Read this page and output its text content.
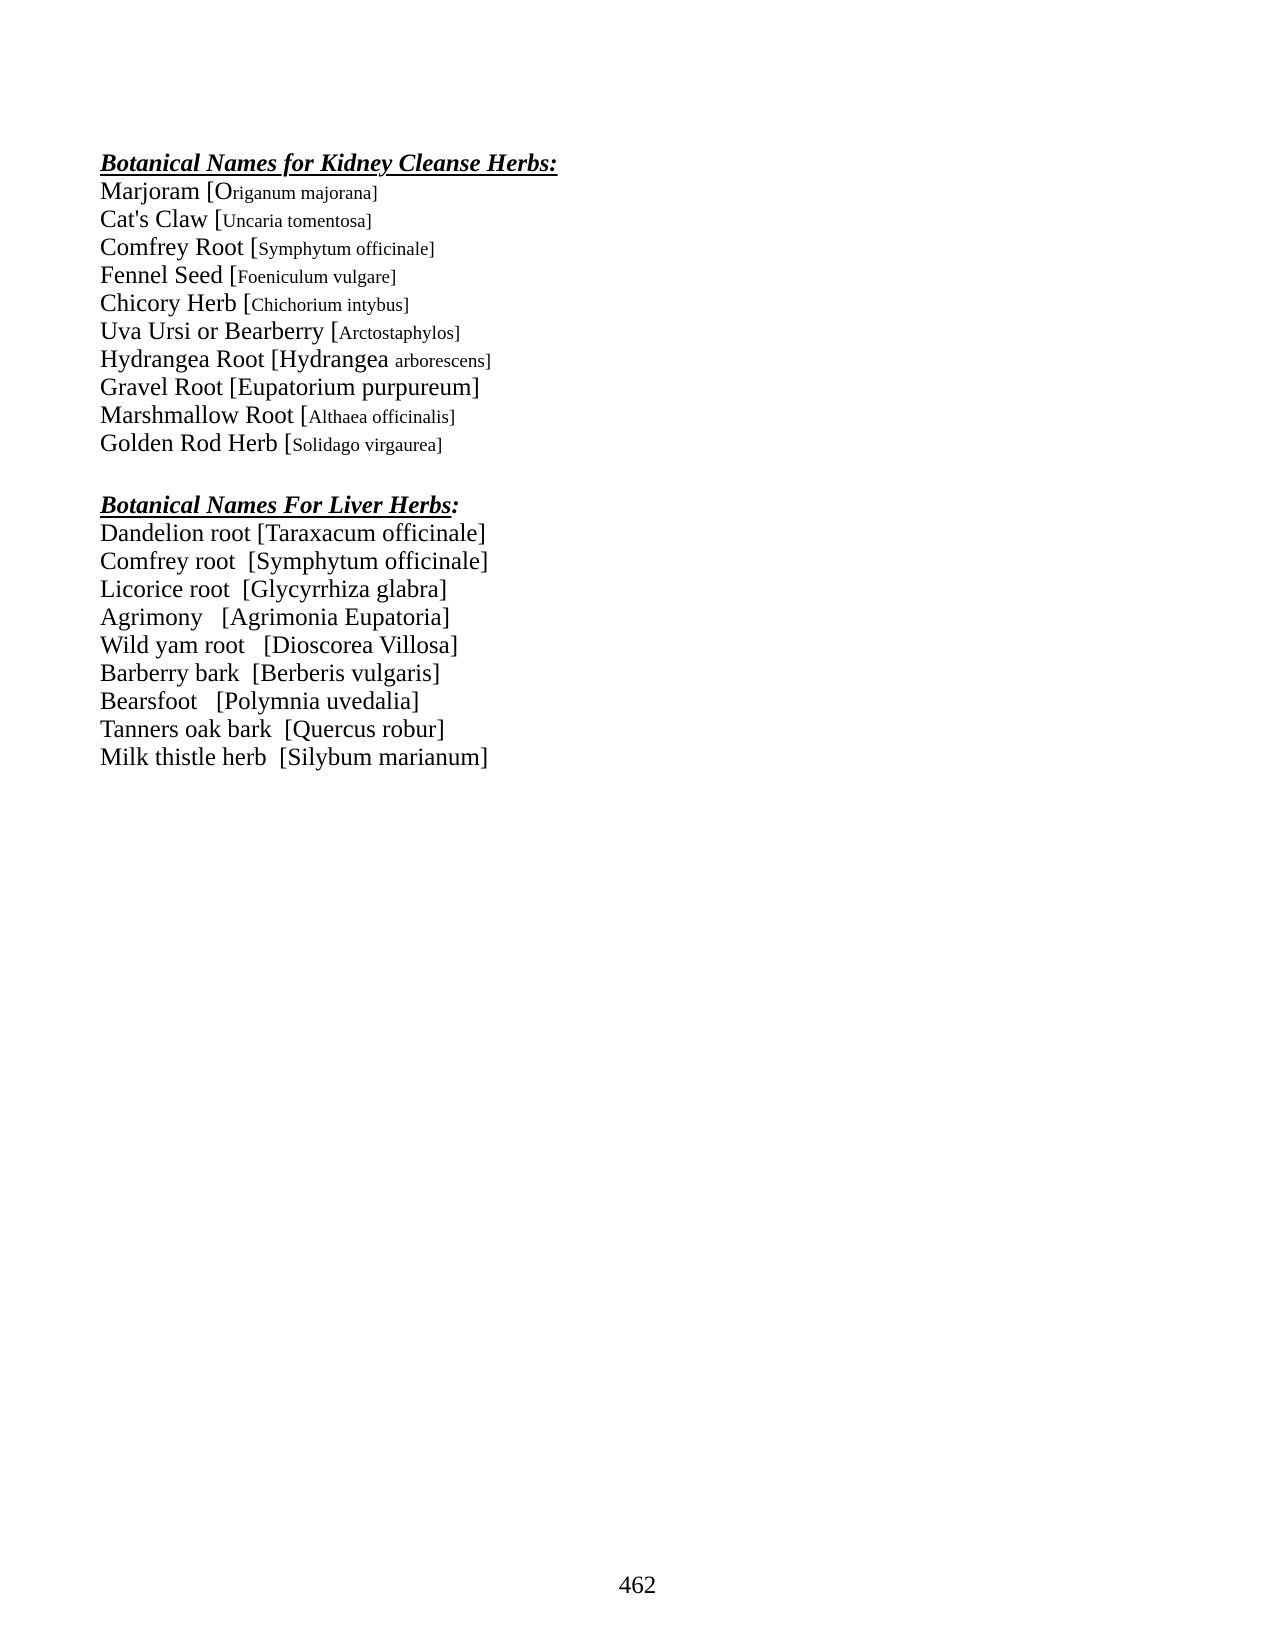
Botanical Names for Kidney Cleanse Herbs:
Marjoram [Origanum majorana]
Cat's Claw [Uncaria tomentosa]
Comfrey Root [Symphytum officinale]
Fennel Seed [Foeniculum vulgare]
Chicory Herb [Chichorium intybus]
Uva Ursi or Bearberry [Arctostaphylos]
Hydrangea Root [Hydrangea arborescens]
Gravel Root [Eupatorium purpureum]
Marshmallow Root [Althaea officinalis]
Golden Rod Herb [Solidago virgaurea]
Botanical Names For Liver Herbs:
Dandelion root [Taraxacum officinale]
Comfrey root  [Symphytum officinale]
Licorice root  [Glycyrrhiza glabra]
Agrimony   [Agrimonia Eupatoria]
Wild yam root   [Dioscorea Villosa]
Barberry bark  [Berberis vulgaris]
Bearsfoot   [Polymnia uvedalia]
Tanners oak bark  [Quercus robur]
Milk thistle herb  [Silybum marianum]
462
